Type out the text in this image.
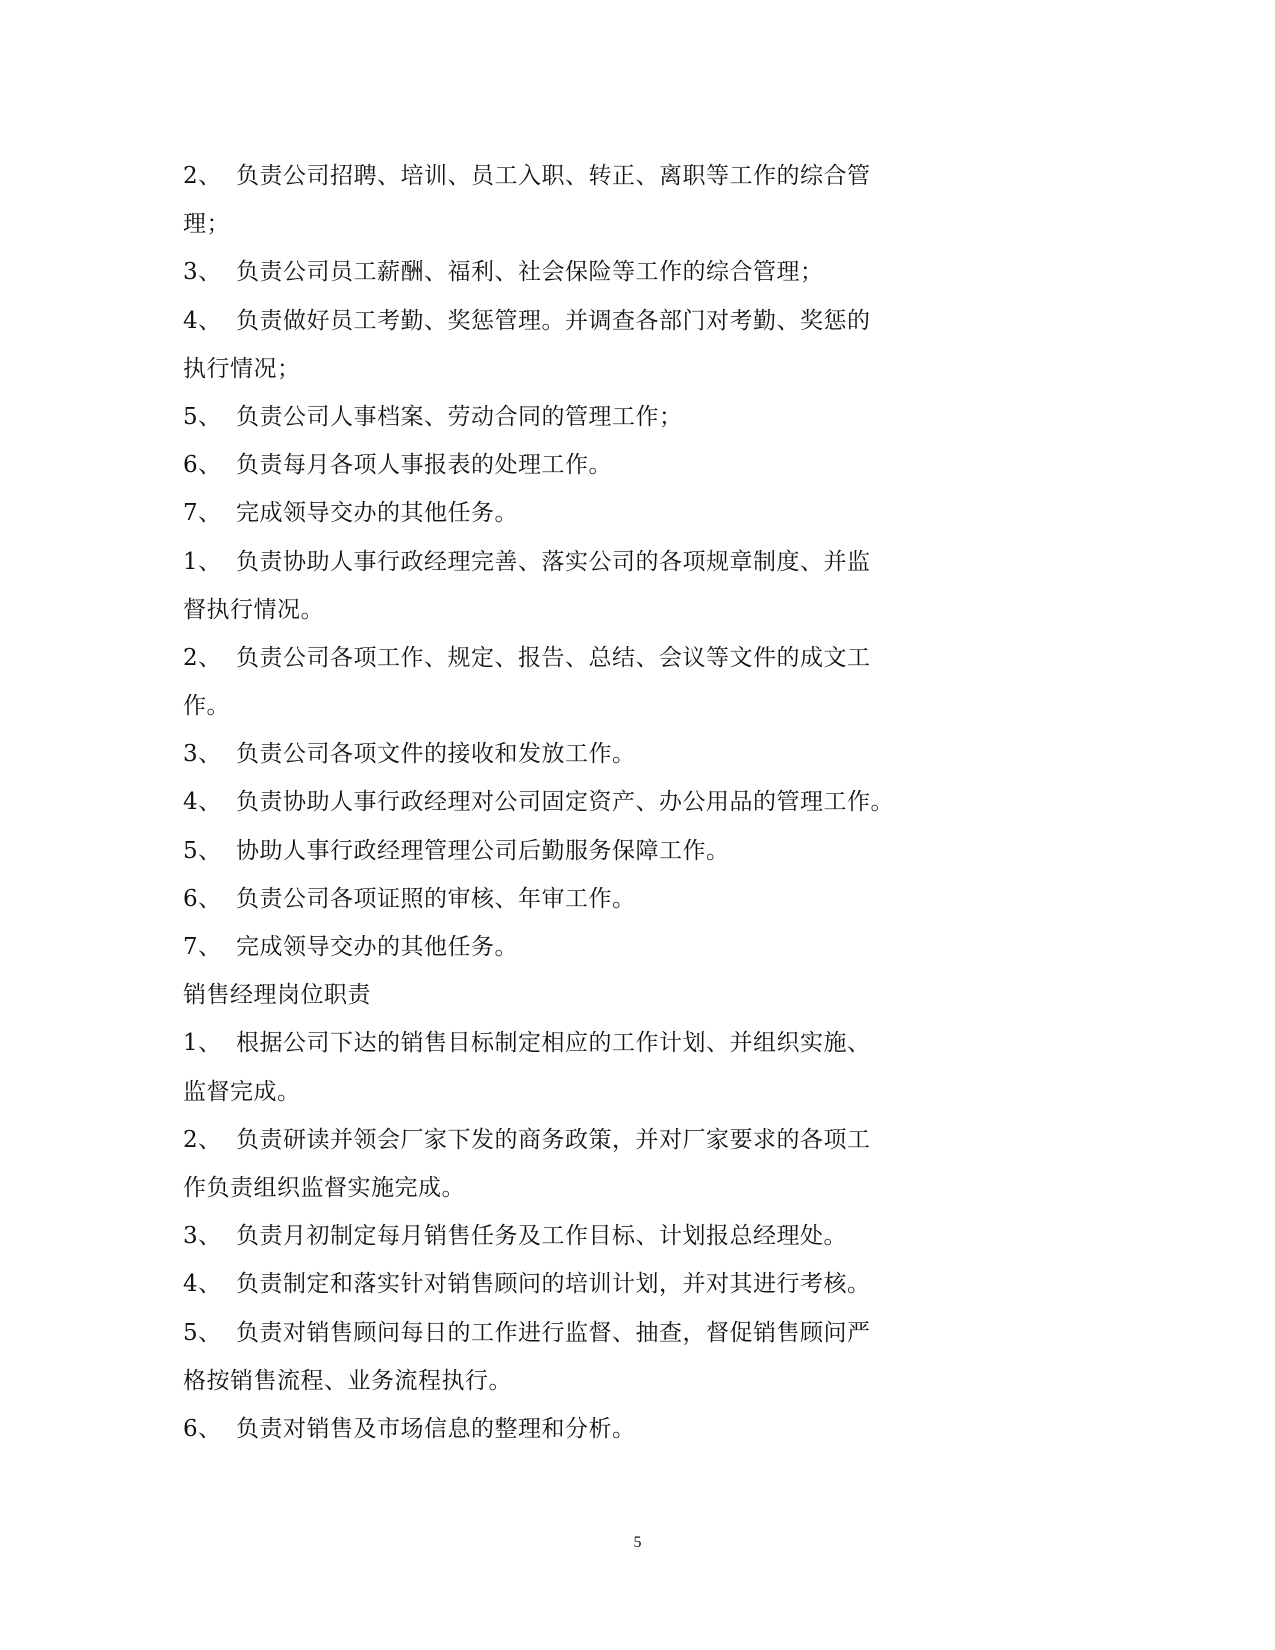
2、 负责公司招聘、培训、员工入职、转正、离职等工作的综合管
理；
3、 负责公司员工薪酬、福利、社会保险等工作的综合管理；
4、 负责做好员工考勤、奖惩管理。并调查各部门对考勤、奖惩的
执行情况；
5、 负责公司人事档案、劳动合同的管理工作；
6、 负责每月各项人事报表的处理工作。
7、 完成领导交办的其他任务。
1、 负责协助人事行政经理完善、落实公司的各项规章制度、并监
督执行情况。
2、 负责公司各项工作、规定、报告、总结、会议等文件的成文工
作。
3、 负责公司各项文件的接收和发放工作。
4、 负责协助人事行政经理对公司固定资产、办公用品的管理工作。
5、 协助人事行政经理管理公司后勤服务保障工作。
6、 负责公司各项证照的审核、年审工作。
7、 完成领导交办的其他任务。
销售经理岗位职责
1、 根据公司下达的销售目标制定相应的工作计划、并组织实施、
监督完成。
2、 负责研读并领会厂家下发的商务政策，并对厂家要求的各项工
作负责组织监督实施完成。
3、 负责月初制定每月销售任务及工作目标、计划报总经理处。
4、 负责制定和落实针对销售顾问的培训计划，并对其进行考核。
5、 负责对销售顾问每日的工作进行监督、抽查，督促销售顾问严
格按销售流程、业务流程执行。
6、 负责对销售及市场信息的整理和分析。
5
